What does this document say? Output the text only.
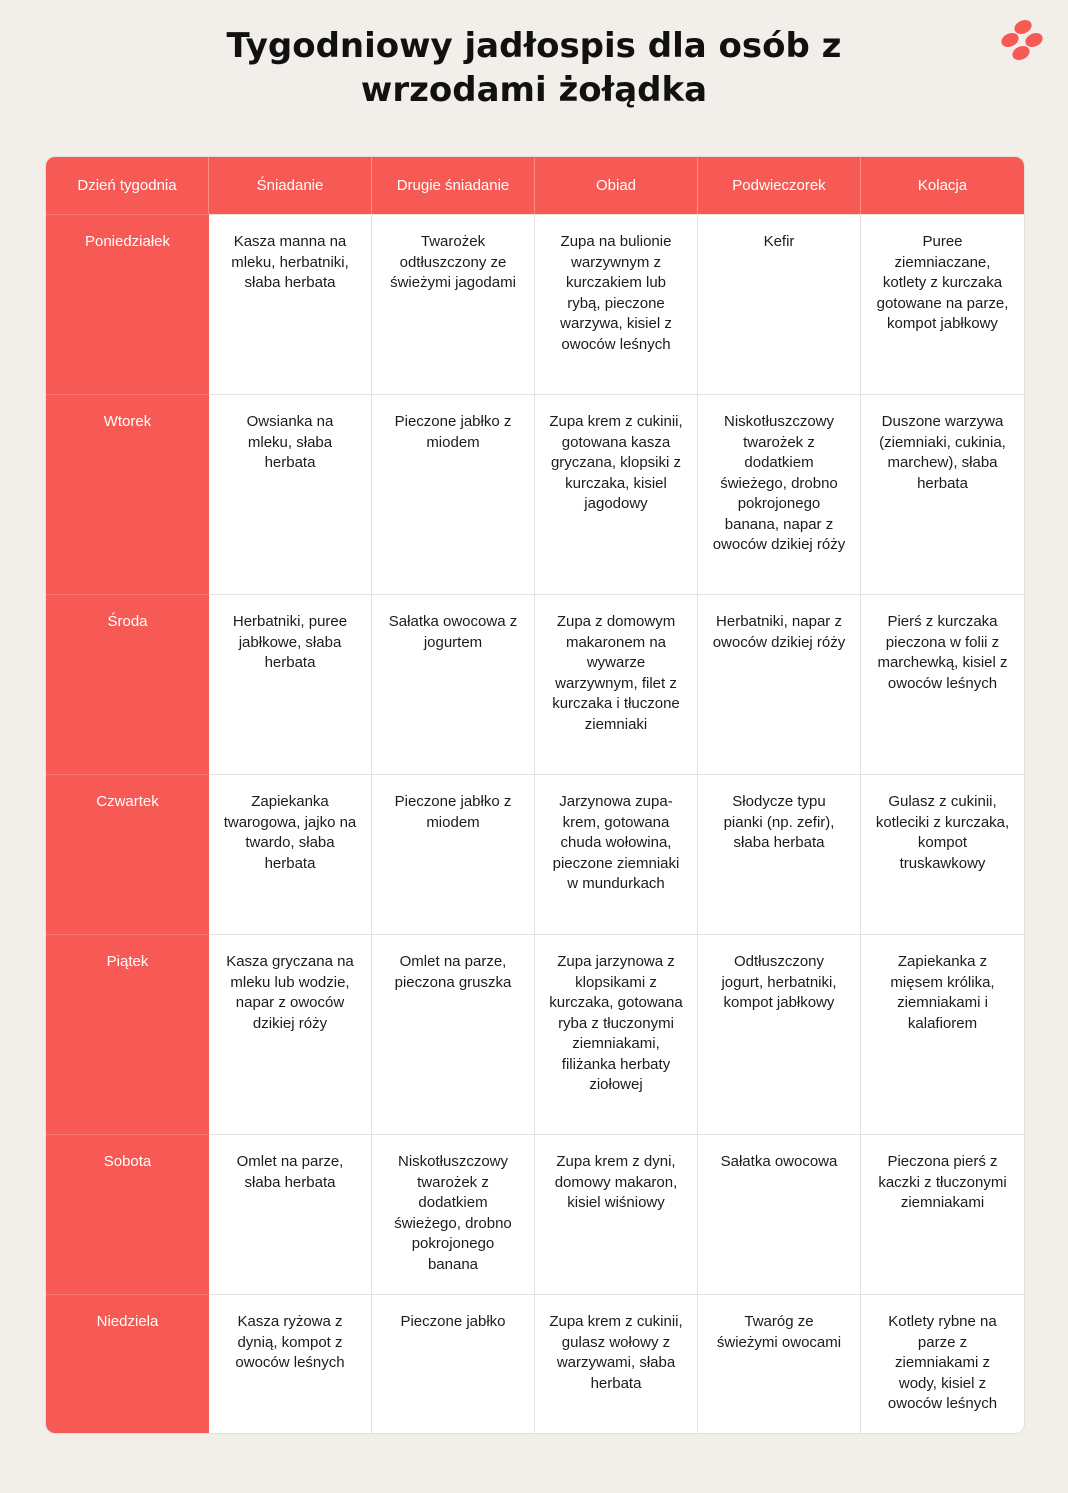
Tygodniowy jadłospis dla osób z wrzodami żołądka
Dzień tygodnia	Śniadanie	Drugie śniadanie	Obiad	Podwieczorek	Kolacja
Poniedziałek	Kasza manna na mleku, herbatniki, słaba herbata	Twarożek odtłuszczony ze świeżymi jagodami	Zupa na bulionie warzywnym z kurczakiem lub rybą, pieczone warzywa, kisiel z owoców leśnych	Kefir	Puree ziemniaczane, kotlety z kurczaka gotowane na parze, kompot jabłkowy
Wtorek	Owsianka na mleku, słaba herbata	Pieczone jabłko z miodem	Zupa krem z cukinii, gotowana kasza gryczana, klopsiki z kurczaka, kisiel jagodowy	Niskotłuszczowy twarożek z dodatkiem świeżego, drobno pokrojonego banana, napar z owoców dzikiej róży	Duszone warzywa (ziemniaki, cukinia, marchew), słaba herbata
Środa	Herbatniki, puree jabłkowe, słaba herbata	Sałatka owocowa z jogurtem	Zupa z domowym makaronem na wywarze warzywnym, filet z kurczaka i tłuczone ziemniaki	Herbatniki, napar z owoców dzikiej róży	Pierś z kurczaka pieczona w folii z marchewką, kisiel z owoców leśnych
Czwartek	Zapiekanka twarogowa, jajko na twardo, słaba herbata	Pieczone jabłko z miodem	Jarzynowa zupa-krem, gotowana chuda wołowina, pieczone ziemniaki w mundurkach	Słodycze typu pianki (np. zefir), słaba herbata	Gulasz z cukinii, kotleciki z kurczaka, kompot truskawkowy
Piątek	Kasza gryczana na mleku lub wodzie, napar z owoców dzikiej róży	Omlet na parze, pieczona gruszka	Zupa jarzynowa z klopsikami z kurczaka, gotowana ryba z tłuczonymi ziemniakami, filiżanka herbaty ziołowej	Odtłuszczony jogurt, herbatniki, kompot jabłkowy	Zapiekanka z mięsem królika, ziemniakami i kalafiorem
Sobota	Omlet na parze, słaba herbata	Niskotłuszczowy twarożek z dodatkiem świeżego, drobno pokrojonego banana	Zupa krem z dyni, domowy makaron, kisiel wiśniowy	Sałatka owocowa	Pieczona pierś z kaczki z tłuczonymi ziemniakami
Niedziela	Kasza ryżowa z dynią, kompot z owoców leśnych	Pieczone jabłko	Zupa krem z cukinii, gulasz wołowy z warzywami, słaba herbata	Twaróg ze świeżymi owocami	Kotlety rybne na parze z ziemniakami z wody, kisiel z owoców leśnych
